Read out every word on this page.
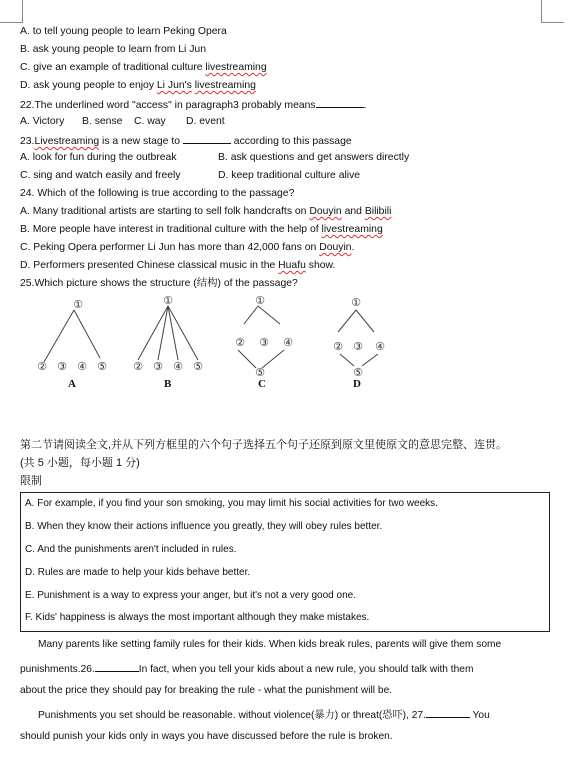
A. to tell young people to learn Peking Opera
B. ask young people to learn from Li Jun
C. give an example of traditional culture livestreaming
D. ask young people to enjoy Li Jun's livestreaming
22.The underlined word "access" in paragraph3 probably means	.
A. Victory B. sense C. way D. event
23.Livestreaming is a new stage to	according to this passage
A. look for fun during the outbreak	B. ask questions and get answers directly
C. sing and watch easily and freely	D. keep traditional culture alive
24. Which of the following is true according to the passage?
A. Many traditional artists are starting to sell folk handcrafts on Douyin and Bilibili
B. More people have interest in traditional culture with the help of livestreaming
C. Peking Opera performer Li Jun has more than 42,000 fans on Douyin.
D. Performers presented Chinese classical music in the Huafu show.
25.Which picture shows the structure (结构) of the passage?
①
② ③ ④ ⑤
①
② ③ ④ ⑤
①
② ③ ④
⑤
①
② ③ ④
⑤
A	B	C	D
第二节请阅读全文,并从下列方框里的六个句子选择五个句子还原到原文里使原文的意思完整、连贯。
(共 5 小题，每小题 1 分)
限制
A. For example, if you find your son smoking, you may limit his social activities for two weeks.
B. When they know their actions influence you greatly, they will obey rules better.
C. And the punishments aren't included in rules.
D. Rules are made to help your kids behave better.
E. Punishment is a way to express your anger, but it's not a very good one.
F. Kids' happiness is always the most important although they make mistakes.
Many parents like setting family rules for their kids. When kids break rules, parents will give them some
punishments.26.	In fact, when you tell your kids about a new rule, you should talk with them
about the price they should pay for breaking the rule - what the punishment will be.
Punishments you set should be reasonable. without violence(暴力) or threat(恐吓), 27.	You
should punish your kids only in ways you have discussed before the rule is broken.
